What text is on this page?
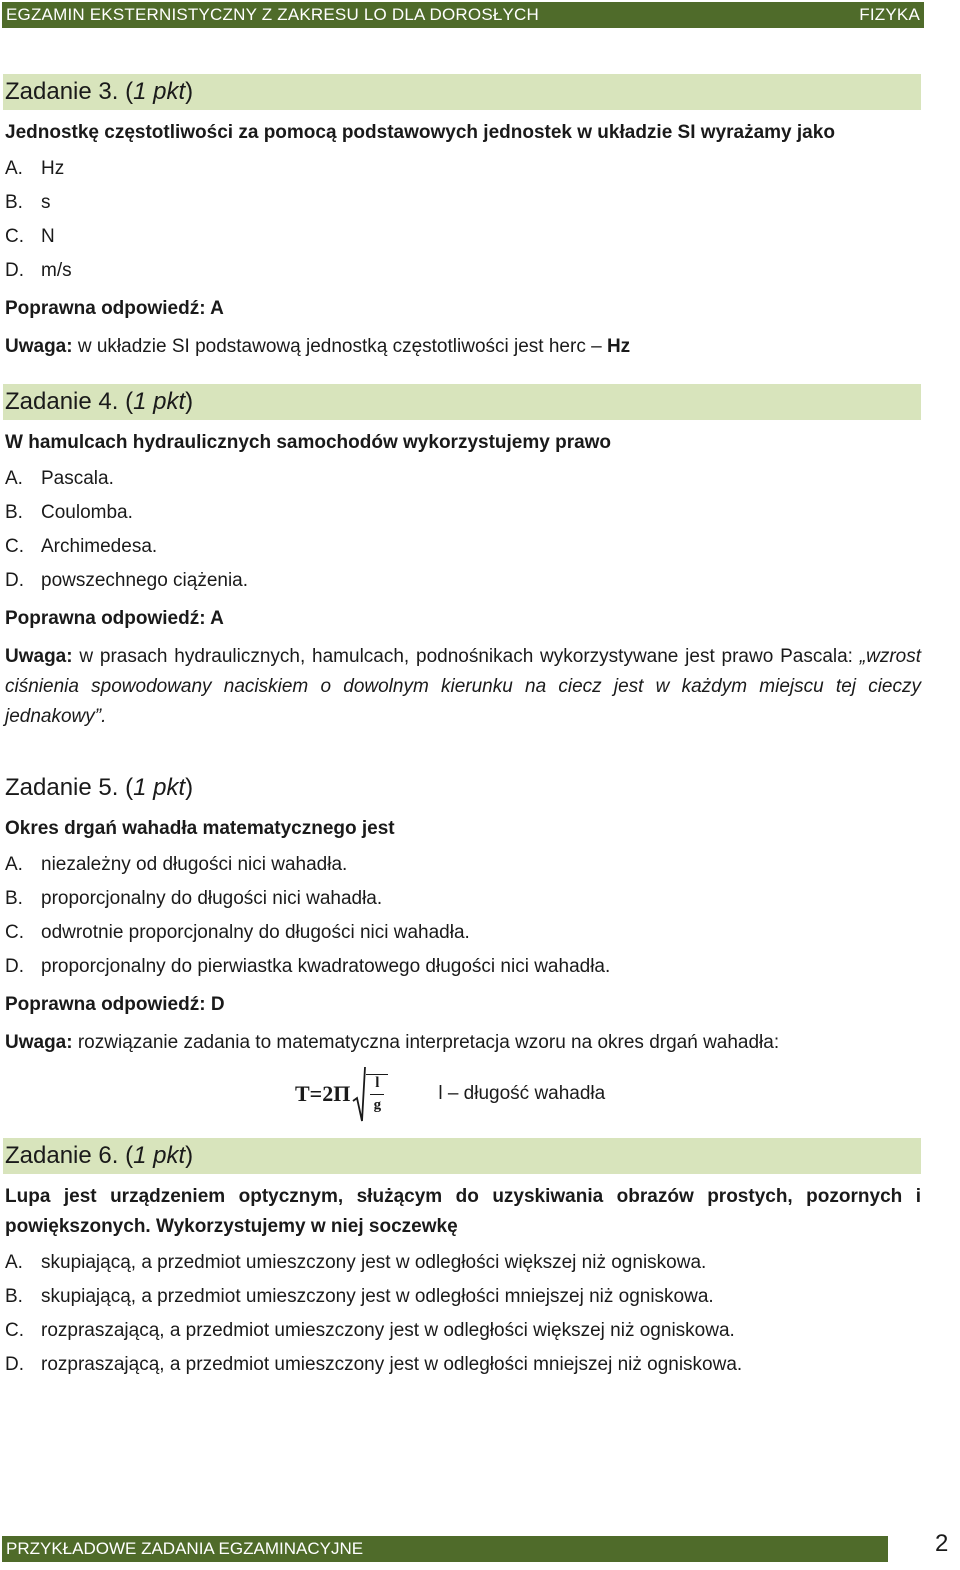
EGZAMIN EKSTERNISTYCZNY Z ZAKRESU LO DLA DOROSŁYCH	FIZYKA
Zadanie 3. (1 pkt)

Jednostkę częstotliwości za pomocą podstawowych jednostek w układzie SI wyrażamy jako

A. Hz
B. s
C. N
D. m/s

Poprawna odpowiedź: A

Uwaga: w układzie SI podstawową jednostką częstotliwości jest herc – Hz

Zadanie 4. (1 pkt)

W hamulcach hydraulicznych samochodów wykorzystujemy prawo

A. Pascala.
B. Coulomba.
C. Archimedesa.
D. powszechnego ciążenia.

Poprawna odpowiedź: A

Uwaga: w prasach hydraulicznych, hamulcach, podnośnikach wykorzystywane jest prawo Pascala: „wzrost ciśnienia spowodowany naciskiem o dowolnym kierunku na ciecz jest w każdym miejscu tej cieczy jednakowy”.

Zadanie 5. (1 pkt)

Okres drgań wahadła matematycznego jest

A. niezależny od długości nici wahadła.
B. proporcjonalny do długości nici wahadła.
C. odwrotnie proporcjonalny do długości nici wahadła.
D. proporcjonalny do pierwiastka kwadratowego długości nici wahadła.

Poprawna odpowiedź: D

Uwaga: rozwiązanie zadania to matematyczna interpretacja wzoru na okres drgań wahadła:

$T=2\Pi \frac{l}{g}$	l – długość wahadła
Zadanie 6. (1 pkt)

Lupa jest urządzeniem optycznym, służącym do uzyskiwania obrazów prostych, pozornych i powiększonych. Wykorzystujemy w niej soczewkę

A. skupiającą, a przedmiot umieszczony jest w odległości większej niż ogniskowa.
B. skupiającą, a przedmiot umieszczony jest w odległości mniejszej niż ogniskowa.
C. rozpraszającą, a przedmiot umieszczony jest w odległości większej niż ogniskowa.
D. rozpraszającą, a przedmiot umieszczony jest w odległości mniejszej niż ogniskowa.
PRZYKŁADOWE ZADANIA EGZAMINACYJNE	2
